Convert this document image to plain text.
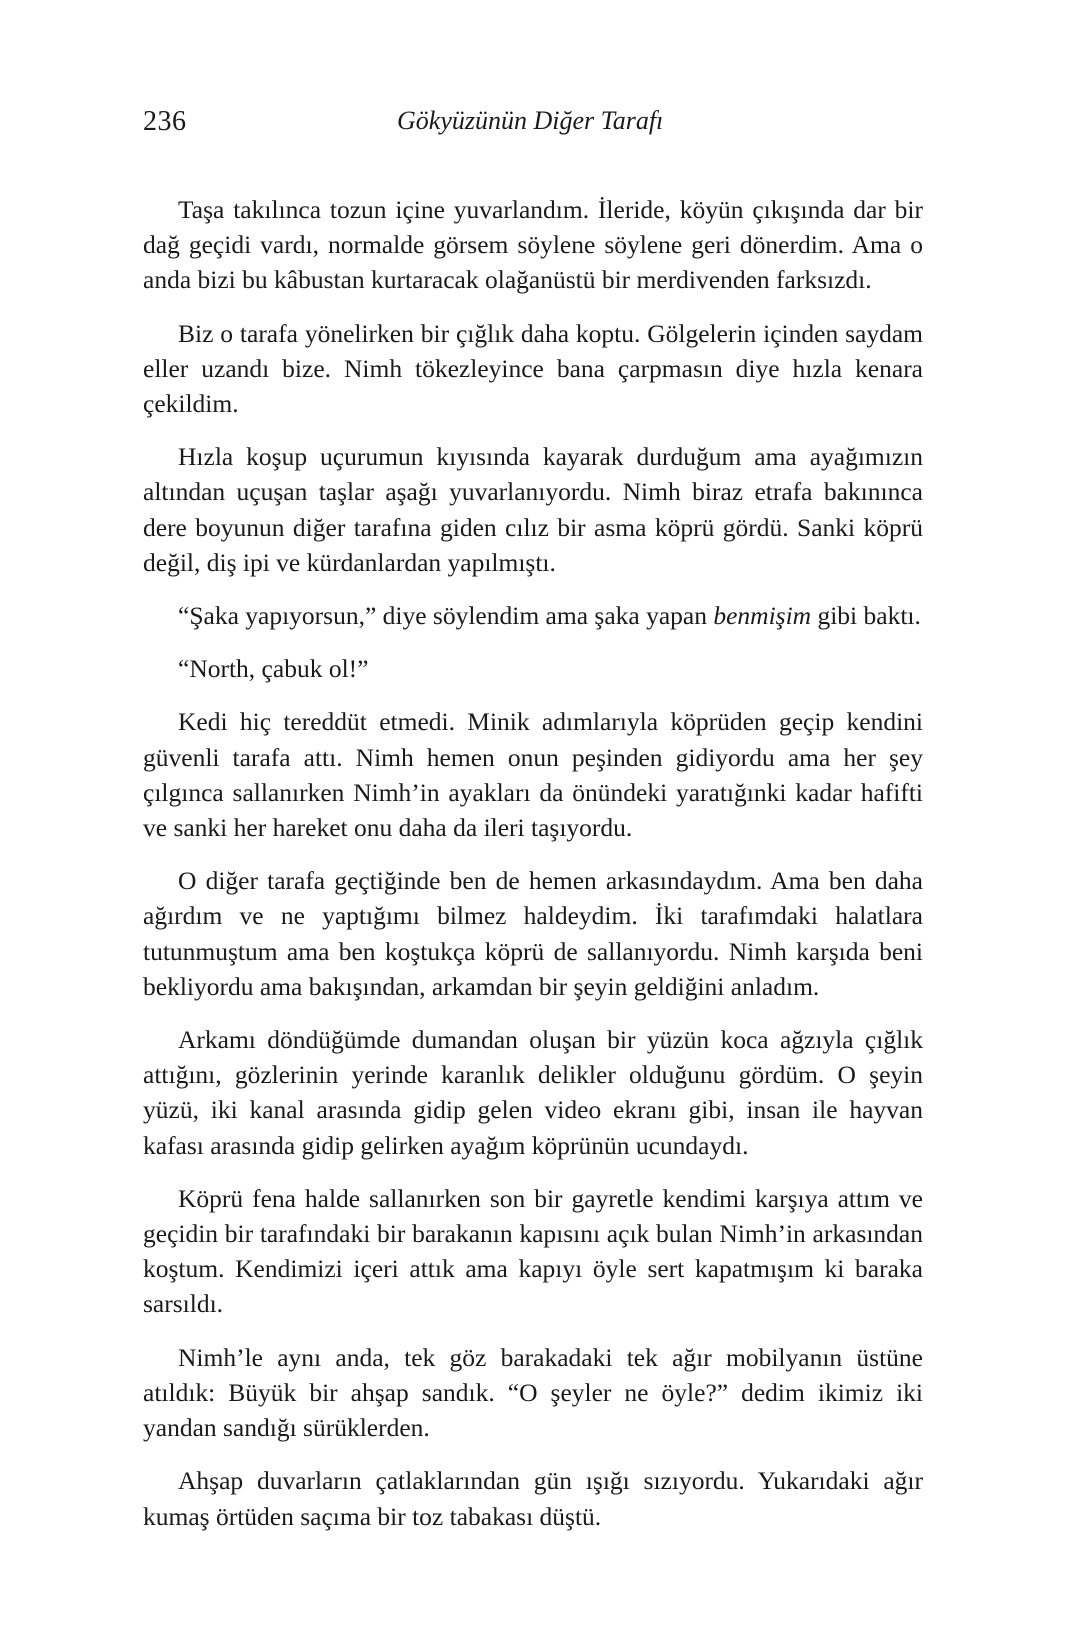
236	Gökyüzünün Diğer Tarafı

Taşa takılınca tozun içine yuvarlandım. İleride, köyün çıkışında dar bir dağ geçidi vardı, normalde görsem söylene söylene geri dönerdim. Ama o anda bizi bu kâbustan kurtaracak olağanüstü bir merdivenden farksızdı.

Biz o tarafa yönelirken bir çığlık daha koptu. Gölgelerin içinden saydam eller uzandı bize. Nimh tökezleyince bana çarpmasın diye hızla kenara çekildim.

Hızla koşup uçurumun kıyısında kayarak durduğum ama ayağımızın altından uçuşan taşlar aşağı yuvarlanıyordu. Nimh biraz etrafa bakınınca dere boyunun diğer tarafına giden cılız bir asma köprü gördü. Sanki köprü değil, diş ipi ve kürdanlardan yapılmıştı.

“Şaka yapıyorsun,” diye söylendim ama şaka yapan benmişim gibi baktı.

“North, çabuk ol!”

Kedi hiç tereddüt etmedi. Minik adımlarıyla köprüden geçip kendini güvenli tarafa attı. Nimh hemen onun peşinden gidiyordu ama her şey çılgınca sallanırken Nimh’in ayakları da önündeki yaratığınki kadar hafifti ve sanki her hareket onu daha da ileri taşıyordu.

O diğer tarafa geçtiğinde ben de hemen arkasındaydım. Ama ben daha ağırdım ve ne yaptığımı bilmez haldeydim. İki tarafımdaki halatlara tutunmuştum ama ben koştukça köprü de sallanıyordu. Nimh karşıda beni bekliyordu ama bakışından, arkamdan bir şeyin geldiğini anladım.

Arkamı döndüğümde dumandan oluşan bir yüzün koca ağzıyla çığlık attığını, gözlerinin yerinde karanlık delikler olduğunu gördüm. O şeyin yüzü, iki kanal arasında gidip gelen video ekranı gibi, insan ile hayvan kafası arasında gidip gelirken ayağım köprünün ucundaydı.

Köprü fena halde sallanırken son bir gayretle kendimi karşıya attım ve geçidin bir tarafındaki bir barakanın kapısını açık bulan Nimh’in arkasından koştum. Kendimizi içeri attık ama kapıyı öyle sert kapatmışım ki baraka sarsıldı.

Nimh’le aynı anda, tek göz barakadaki tek ağır mobilyanın üstüne atıldık: Büyük bir ahşap sandık. “O şeyler ne öyle?” dedim ikimiz iki yandan sandığı sürüklerden.

Ahşap duvarların çatlaklarından gün ışığı sızıyordu. Yukarıdaki ağır kumaş örtüden saçıma bir toz tabakası düştü.
